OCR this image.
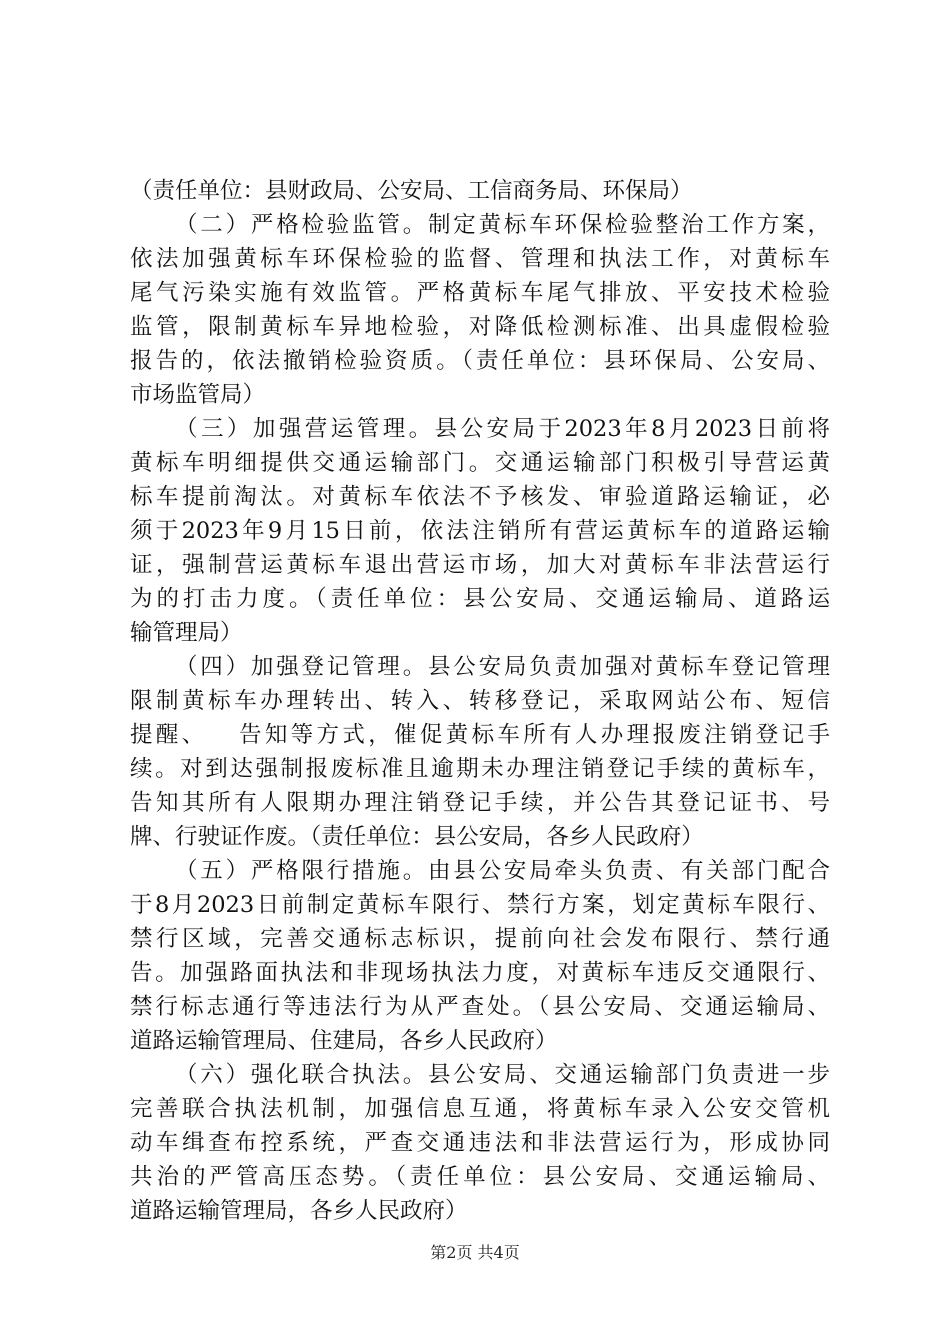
（责任单位：县财政局、公安局、工信商务局、环保局）
（二）严格检验监管。制定黄标车环保检验整治工作方案，
依法加强黄标车环保检验的监督、管理和执法工作，对黄标车
尾气污染实施有效监管。严格黄标车尾气排放、平安技术检验
监管，限制黄标车异地检验，对降低检测标准、出具虚假检验
报告的，依法撤销检验资质。（责任单位：县环保局、公安局、
市场监管局）
（三）加强营运管理。县公安局于2023年8月2023日前将
黄标车明细提供交通运输部门。交通运输部门积极引导营运黄
标车提前淘汰。对黄标车依法不予核发、审验道路运输证，必
须于2023年9月15日前，依法注销所有营运黄标车的道路运输
证，强制营运黄标车退出营运市场，加大对黄标车非法营运行
为的打击力度。（责任单位：县公安局、交通运输局、道路运
输管理局）
（四）加强登记管理。县公安局负责加强对黄标车登记管理
限制黄标车办理转出、转入、转移登记，采取网站公布、短信
提醒、   告知等方式，催促黄标车所有人办理报废注销登记手
续。对到达强制报废标准且逾期未办理注销登记手续的黄标车，
告知其所有人限期办理注销登记手续，并公告其登记证书、号
牌、行驶证作废。（责任单位：县公安局，各乡人民政府）
（五）严格限行措施。由县公安局牵头负责、有关部门配合
于8月2023日前制定黄标车限行、禁行方案，划定黄标车限行、
禁行区域，完善交通标志标识，提前向社会发布限行、禁行通
告。加强路面执法和非现场执法力度，对黄标车违反交通限行、
禁行标志通行等违法行为从严查处。（县公安局、交通运输局、
道路运输管理局、住建局，各乡人民政府）
（六）强化联合执法。县公安局、交通运输部门负责进一步
完善联合执法机制，加强信息互通，将黄标车录入公安交管机
动车缉查布控系统，严查交通违法和非法营运行为，形成协同
共治的严管高压态势。（责任单位：县公安局、交通运输局、
道路运输管理局，各乡人民政府）
第2页 共4页
